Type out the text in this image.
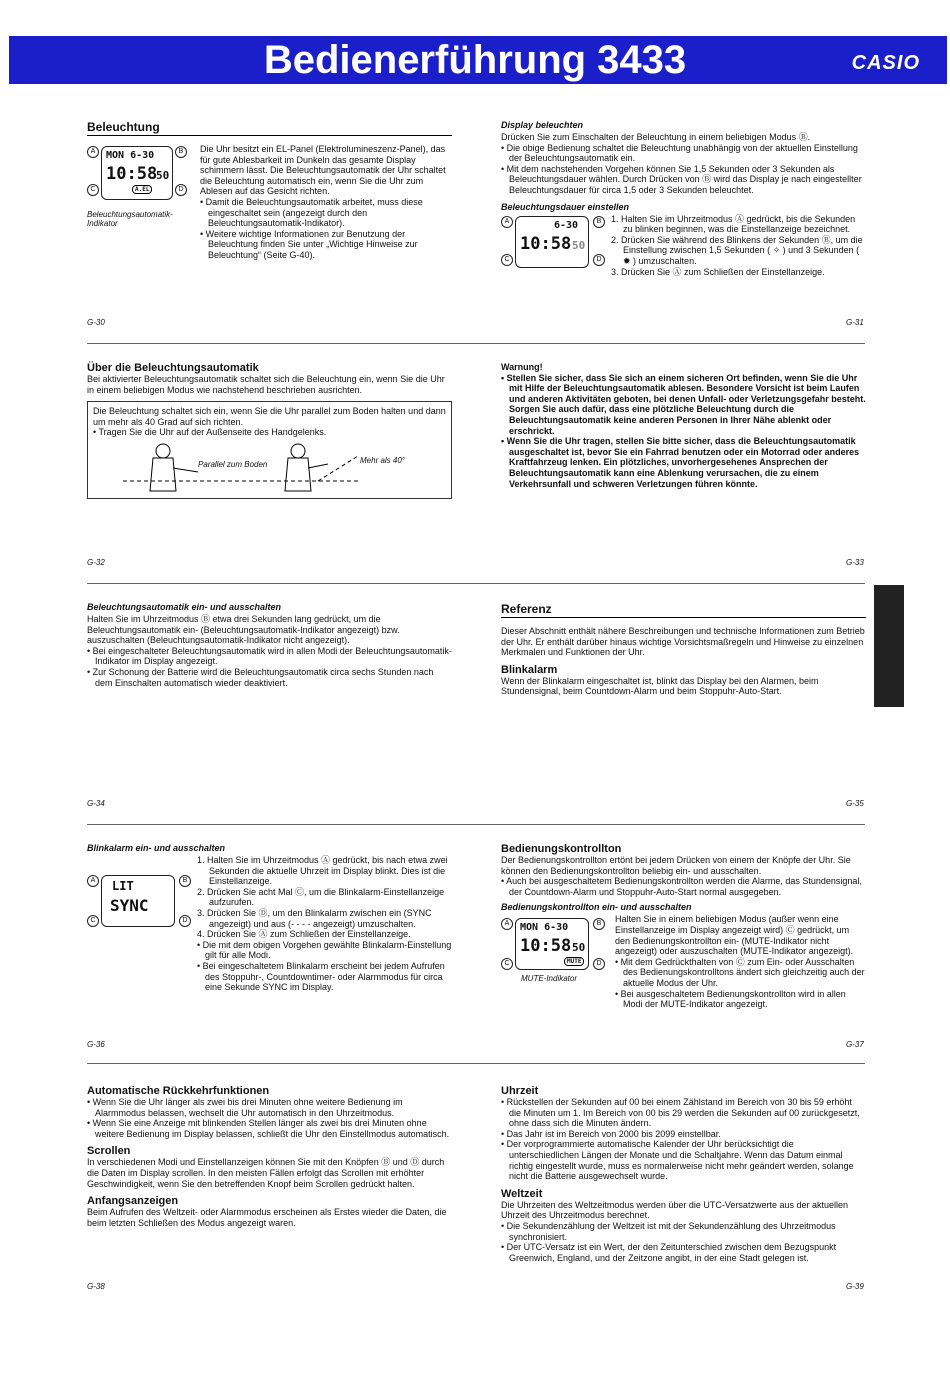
Bedienerführung 3433	CASIO

Beleuchtung

A	B
C	D
MON 6-30
10:58
50
A.EL
Beleuchtungsautomatik-Indikator

Die Uhr besitzt ein EL-Panel (Elektrolumineszenz-Panel), das für gute Ablesbarkeit im Dunkeln das gesamte Display schimmern lässt. Die Beleuchtungsautomatik der Uhr schaltet die Beleuchtung automatisch ein, wenn Sie die Uhr zum Ablesen auf das Gesicht richten.

• Damit die Beleuchtungsautomatik arbeitet, muss diese eingeschaltet sein (angezeigt durch den Beleuchtungsautomatik-Indikator).

• Weitere wichtige Informationen zur Benutzung der Beleuchtung finden Sie unter „Wichtige Hinweise zur Beleuchtung“ (Seite G-40).

G-30

Display beleuchten

Drücken Sie zum Einschalten der Beleuchtung in einem beliebigen Modus Ⓑ.

• Die obige Bedienung schaltet die Beleuchtung unabhängig von der aktuellen Einstellung der Beleuchtungsautomatik ein.

• Mit dem nachstehenden Vorgehen können Sie 1,5 Sekunden oder 3 Sekunden als Beleuchtungsdauer wählen. Durch Drücken von Ⓑ wird das Display je nach eingestellter Beleuchtungsdauer für circa 1,5 oder 3 Sekunden beleuchtet.

Beleuchtungsdauer einstellen

A	B
C	D
6-30
10:58 50

1. Halten Sie im Uhrzeitmodus Ⓐ gedrückt, bis die Sekunden zu blinken beginnen, was die Einstellanzeige bezeichnet.

2. Drücken Sie während des Blinkens der Sekunden Ⓑ, um die Einstellung zwischen 1,5 Sekunden ( ✧ ) und 3 Sekunden ( ✹ ) umzuschalten.

3. Drücken Sie Ⓐ zum Schließen der Einstellanzeige.

G-31

Über die Beleuchtungsautomatik

Bei aktivierter Beleuchtungsautomatik schaltet sich die Beleuchtung ein, wenn Sie die Uhr in einem beliebigen Modus wie nachstehend beschrieben ausrichten.

Die Beleuchtung schaltet sich ein, wenn Sie die Uhr parallel zum Boden halten und dann um mehr als 40 Grad auf sich richten.

• Tragen Sie die Uhr auf der Außenseite des Handgelenks.

Parallel zum Boden	Mehr als 40°
G-32

Warnung!

• Stellen Sie sicher, dass Sie sich an einem sicheren Ort befinden, wenn Sie die Uhr mit Hilfe der Beleuchtungsautomatik ablesen. Besondere Vorsicht ist beim Laufen und anderen Aktivitäten geboten, bei denen Unfall- oder Verletzungsgefahr besteht. Sorgen Sie auch dafür, dass eine plötzliche Beleuchtung durch die Beleuchtungsautomatik keine anderen Personen in Ihrer Nähe ablenkt oder erschrickt.

• Wenn Sie die Uhr tragen, stellen Sie bitte sicher, dass die Beleuchtungsautomatik ausgeschaltet ist, bevor Sie ein Fahrrad benutzen oder ein Motorrad oder anderes Kraftfahrzeug lenken. Ein plötzliches, unvorhergesehenes Ansprechen der Beleuchtungsautomatik kann eine Ablenkung verursachen, die zu einem Verkehrsunfall und schweren Verletzungen führen könnte.

G-33

Beleuchtungsautomatik ein- und ausschalten

Halten Sie im Uhrzeitmodus Ⓑ etwa drei Sekunden lang gedrückt, um die Beleuchtungsautomatik ein- (Beleuchtungsautomatik-Indikator angezeigt) bzw. auszuschalten (Beleuchtungsautomatik-Indikator nicht angezeigt).

• Bei eingeschalteter Beleuchtungsautomatik wird in allen Modi der Beleuchtungsautomatik-Indikator im Display angezeigt.

• Zur Schonung der Batterie wird die Beleuchtungsautomatik circa sechs Stunden nach dem Einschalten automatisch wieder deaktiviert.

G-34

Referenz

Dieser Abschnitt enthält nähere Beschreibungen und technische Informationen zum Betrieb der Uhr. Er enthält darüber hinaus wichtige Vorsichtsmaßregeln und Hinweise zu einzelnen Merkmalen und Funktionen der Uhr.

Blinkalarm

Wenn der Blinkalarm eingeschaltet ist, blinkt das Display bei den Alarmen, beim Stundensignal, beim Countdown-Alarm und beim Stoppuhr-Auto-Start.

G-35

Blinkalarm ein- und ausschalten

A	B
C	D
LIT
SYNC

1. Halten Sie im Uhrzeitmodus Ⓐ gedrückt, bis nach etwa zwei Sekunden die aktuelle Uhrzeit im Display blinkt. Dies ist die Einstellanzeige.

2. Drücken Sie acht Mal Ⓒ, um die Blinkalarm-Einstellanzeige aufzurufen.

3. Drücken Sie Ⓓ, um den Blinkalarm zwischen ein (SYNC angezeigt) und aus (- - - - angezeigt) umzuschalten.

4. Drücken Sie Ⓐ zum Schließen der Einstellanzeige.

• Die mit dem obigen Vorgehen gewählte Blinkalarm-Einstellung gilt für alle Modi.

• Bei eingeschaltetem Blinkalarm erscheint bei jedem Aufrufen des Stoppuhr-, Countdowntimer- oder Alarmmodus für circa eine Sekunde SYNC im Display.

G-36

Bedienungskontrollton

Der Bedienungskontrollton ertönt bei jedem Drücken von einem der Knöpfe der Uhr. Sie können den Bedienungskontrollton beliebig ein- und ausschalten.

• Auch bei ausgeschaltetem Bedienungskontrollton werden die Alarme, das Stundensignal, der Countdown-Alarm und Stoppuhr-Auto-Start normal ausgegeben.

Bedienungskontrollton ein- und ausschalten

A	B
C	D
MON 6-30
10:58 50
MUTE
MUTE-Indikator

Halten Sie in einem beliebigen Modus (außer wenn eine Einstellanzeige im Display angezeigt wird) Ⓒ gedrückt, um den Bedienungskontrollton ein- (MUTE-Indikator nicht angezeigt) oder auszuschalten (MUTE-Indikator angezeigt).

• Mit dem Gedrückthalten von Ⓒ zum Ein- oder Ausschalten des Bedienungskontrolltons ändert sich gleichzeitig auch der aktuelle Modus der Uhr.

• Bei ausgeschaltetem Bedienungskontrollton wird in allen Modi der MUTE-Indikator angezeigt.

G-37

Automatische Rückkehrfunktionen

• Wenn Sie die Uhr länger als zwei bis drei Minuten ohne weitere Bedienung im Alarmmodus belassen, wechselt die Uhr automatisch in den Uhrzeitmodus.

• Wenn Sie eine Anzeige mit blinkenden Stellen länger als zwei bis drei Minuten ohne weitere Bedienung im Display belassen, schließt die Uhr den Einstellmodus automatisch.

Scrollen

In verschiedenen Modi und Einstellanzeigen können Sie mit den Knöpfen Ⓑ und Ⓓ durch die Daten im Display scrollen. In den meisten Fällen erfolgt das Scrollen mit erhöhter Geschwindigkeit, wenn Sie den betreffenden Knopf beim Scrollen gedrückt halten.

Anfangsanzeigen

Beim Aufrufen des Weltzeit- oder Alarmmodus erscheinen als Erstes wieder die Daten, die beim letzten Schließen des Modus angezeigt waren.

G-38

Uhrzeit

• Rückstellen der Sekunden auf 00 bei einem Zählstand im Bereich von 30 bis 59 erhöht die Minuten um 1. Im Bereich von 00 bis 29 werden die Sekunden auf 00 zurückgesetzt, ohne dass sich die Minuten ändern.

• Das Jahr ist im Bereich von 2000 bis 2099 einstellbar.

• Der vorprogrammierte automatische Kalender der Uhr berücksichtigt die unterschiedlichen Längen der Monate und die Schaltjahre. Wenn das Datum einmal richtig eingestellt wurde, muss es normalerweise nicht mehr geändert werden, solange nicht die Batterie ausgewechselt wurde.

Weltzeit

Die Uhrzeiten des Weltzeitmodus werden über die UTC-Versatzwerte aus der aktuellen Uhrzeit des Uhrzeitmodus berechnet.

• Die Sekundenzählung der Weltzeit ist mit der Sekundenzählung des Uhrzeitmodus synchronisiert.

• Der UTC-Versatz ist ein Wert, der den Zeitunterschied zwischen dem Bezugspunkt Greenwich, England, und der Zeitzone angibt, in der eine Stadt gelegen ist.

G-39
